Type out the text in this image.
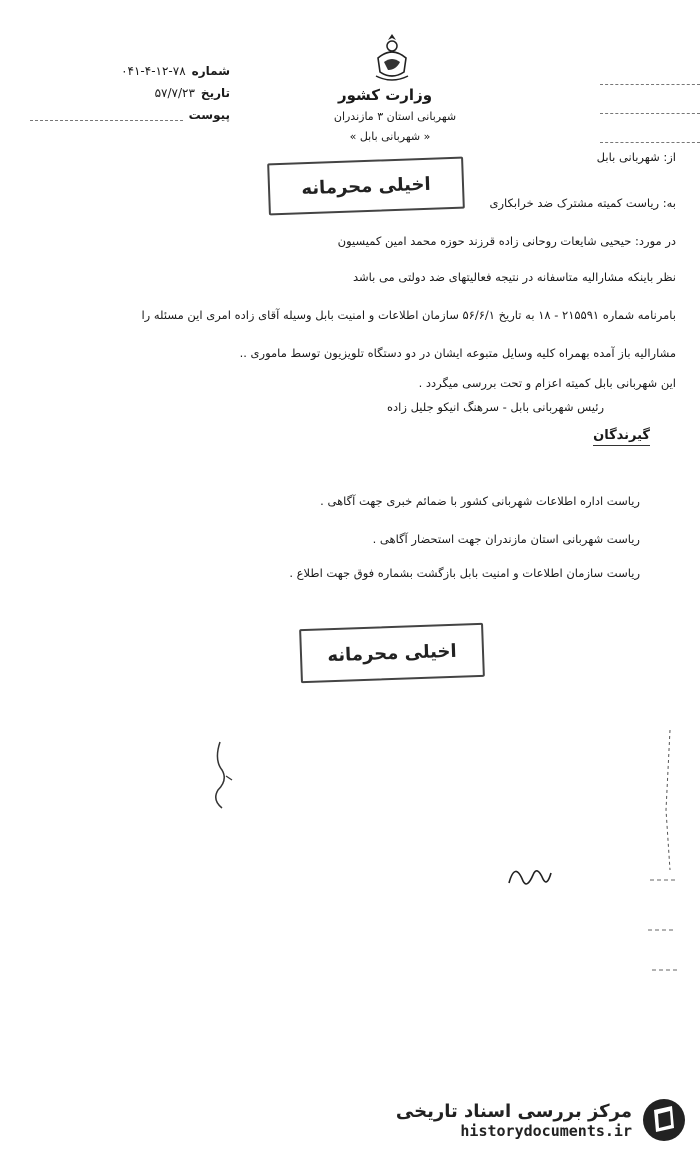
شماره
۰۴۱-۴-۱۲-۷۸
تاریخ
۵۷/۷/۲۳
پیوست
وزارت کشور
شهربانی استان ۳ مازندران
« شهربانی بابل »
اخیلی محرمانه
از: شهربانی بابل
به: ریاست کمیته مشترک ضد خرابکاری
در مورد: حیحیی شایعات روحانی زاده قرزند حوزه محمد امین کمیسیون
نظر باینکه مشارالیه متاسفانه در نتیجه فعالیتهای ضد دولتی می باشد
بامرنامه شماره ۲۱۵۵۹۱ - ۱۸ به تاریخ ۵۶/۶/۱ سازمان اطلاعات و امنیت بابل وسیله آقای زاده امری این مسئله را
مشارالیه باز آمده بهمراه کلیه وسایل متبوعه ایشان در دو دستگاه تلویزیون توسط ماموری ..
این شهربانی بابل کمیته اعزام و تحت بررسی میگردد .
رئیس شهربانی بابل - سرهنگ انیکو جلیل زاده
گیرندگان
ریاست اداره اطلاعات شهربانی کشور با ضمائم خبری جهت آگاهی .
ریاست شهربانی استان مازندران جهت استحضار آگاهی .
ریاست سازمان اطلاعات و امنیت بابل بازگشت بشماره فوق جهت اطلاع .
اخیلی محرمانه
مرکز بررسی اسناد تاریخی
historydocuments.ir
